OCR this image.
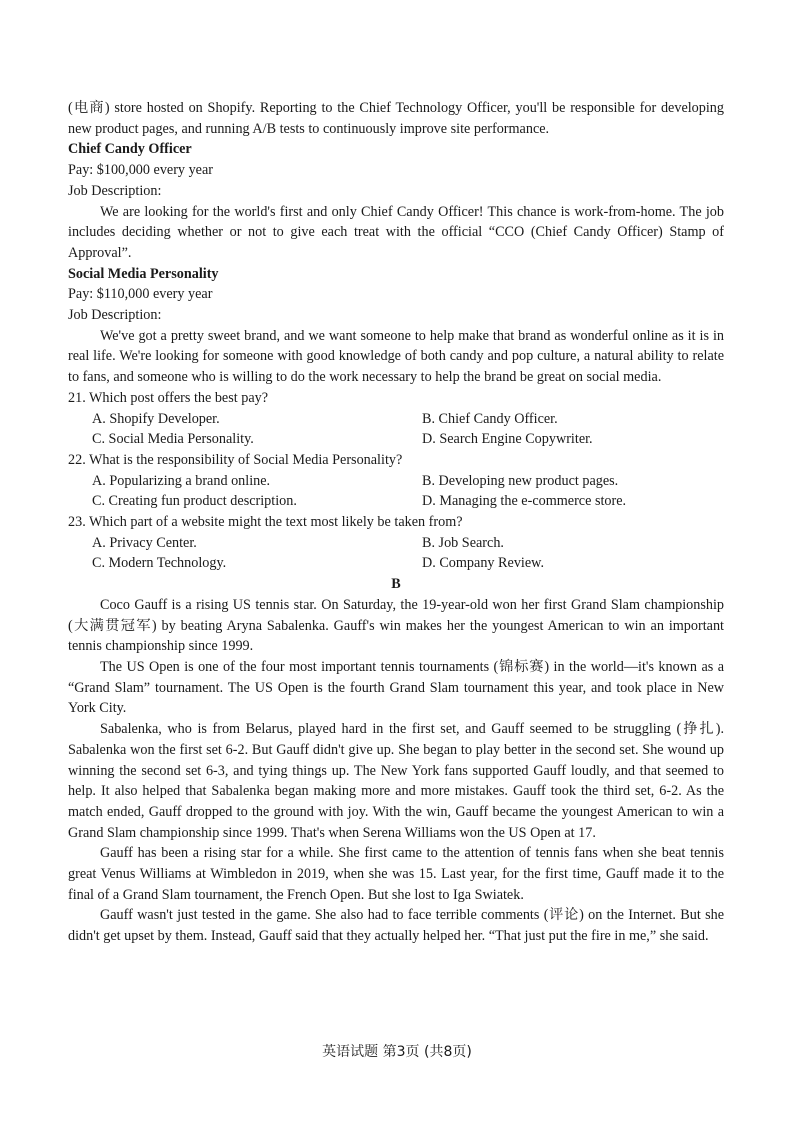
(电商) store hosted on Shopify. Reporting to the Chief Technology Officer, you'll be responsible for developing new product pages, and running A/B tests to continuously improve site performance.
Chief Candy Officer
Pay: $100,000 every year
Job Description:
We are looking for the world's first and only Chief Candy Officer! This chance is work-from-home. The job includes deciding whether or not to give each treat with the official “CCO (Chief Candy Officer) Stamp of Approval”.
Social Media Personality
Pay: $110,000 every year
Job Description:
We've got a pretty sweet brand, and we want someone to help make that brand as wonderful online as it is in real life. We're looking for someone with good knowledge of both candy and pop culture, a natural ability to relate to fans, and someone who is willing to do the work necessary to help the brand be great on social media.
21. Which post offers the best pay?
A. Shopify Developer.	B. Chief Candy Officer.
C. Social Media Personality.	D. Search Engine Copywriter.
22. What is the responsibility of Social Media Personality?
A. Popularizing a brand online.	B. Developing new product pages.
C. Creating fun product description.	D. Managing the e-commerce store.
23. Which part of a website might the text most likely be taken from?
A. Privacy Center.	B. Job Search.
C. Modern Technology.	D. Company Review.
B
Coco Gauff is a rising US tennis star. On Saturday, the 19-year-old won her first Grand Slam championship (大满贯冠军) by beating Aryna Sabalenka. Gauff's win makes her the youngest American to win an important tennis championship since 1999.
The US Open is one of the four most important tennis tournaments (锦标赛) in the world—it's known as a “Grand Slam” tournament. The US Open is the fourth Grand Slam tournament this year, and took place in New York City.
Sabalenka, who is from Belarus, played hard in the first set, and Gauff seemed to be struggling (挣扎). Sabalenka won the first set 6-2. But Gauff didn't give up. She began to play better in the second set. She wound up winning the second set 6-3, and tying things up. The New York fans supported Gauff loudly, and that seemed to help. It also helped that Sabalenka began making more and more mistakes. Gauff took the third set, 6-2. As the match ended, Gauff dropped to the ground with joy. With the win, Gauff became the youngest American to win a Grand Slam championship since 1999. That's when Serena Williams won the US Open at 17.
Gauff has been a rising star for a while. She first came to the attention of tennis fans when she beat tennis great Venus Williams at Wimbledon in 2019, when she was 15. Last year, for the first time, Gauff made it to the final of a Grand Slam tournament, the French Open. But she lost to Iga Swiatek.
Gauff wasn't just tested in the game. She also had to face terrible comments (评论) on the Internet. But she didn't get upset by them. Instead, Gauff said that they actually helped her. “That just put the fire in me,” she said.
英语试题 第3页 (共8页)
